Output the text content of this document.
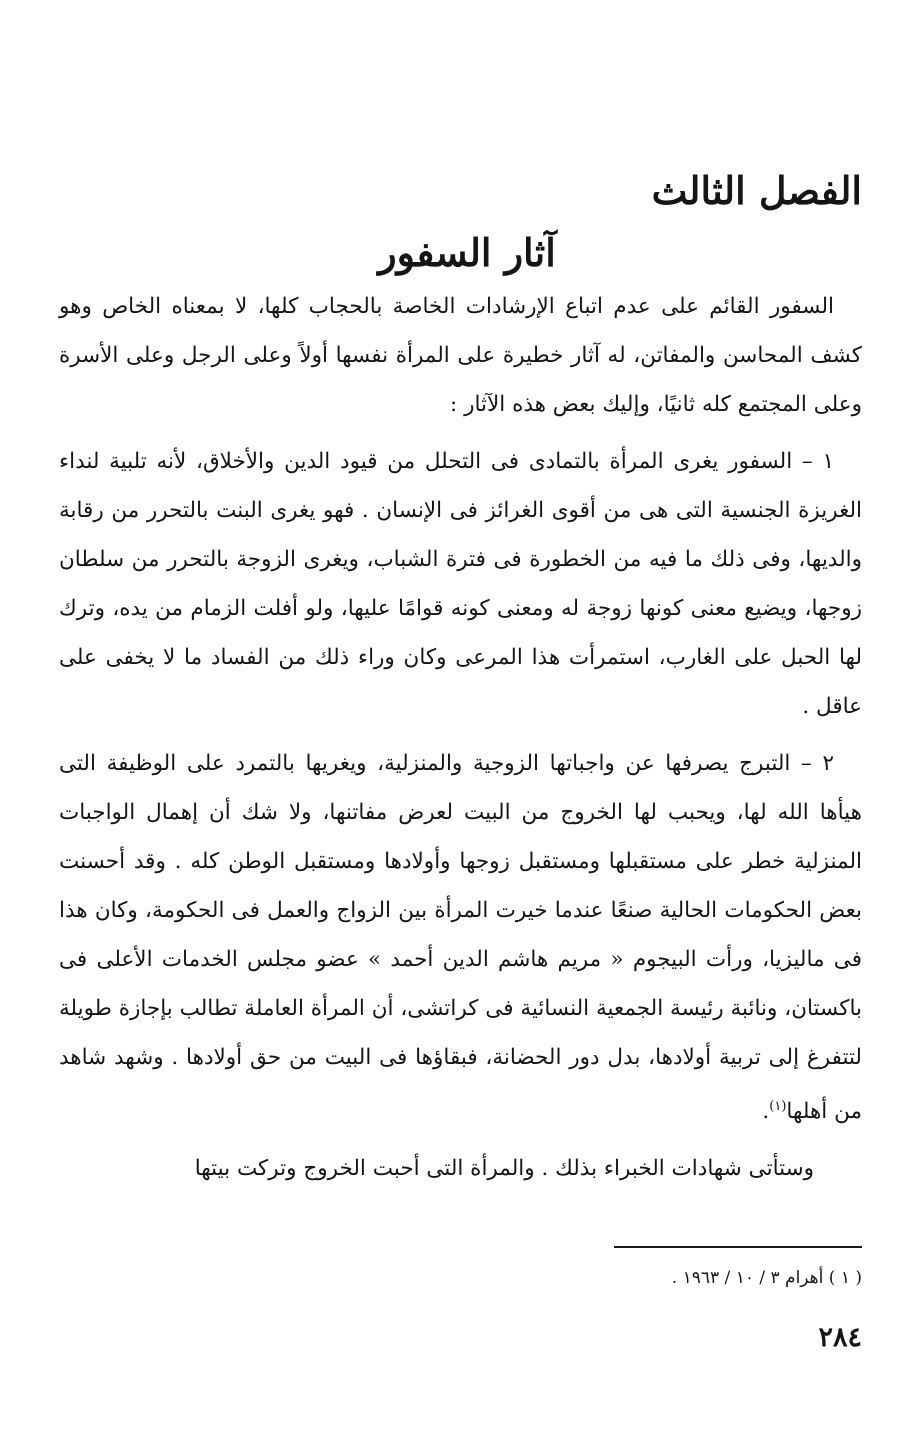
الفصل الثالث
آثار السفور

السفور القائم على عدم اتباع الإرشادات الخاصة بالحجاب كلها، لا بمعناه الخاص وهو كشف المحاسن والمفاتن، له آثار خطيرة على المرأة نفسها أولاً وعلى الرجل وعلى الأسرة وعلى المجتمع كله ثانيًا، وإليك بعض هذه الآثار :

١ – السفور يغرى المرأة بالتمادى فى التحلل من قيود الدين والأخلاق، لأنه تلبية لنداء الغريزة الجنسية التى هى من أقوى الغرائز فى الإنسان . فهو يغرى البنت بالتحرر من رقابة والديها، وفى ذلك ما فيه من الخطورة فى فترة الشباب، ويغرى الزوجة بالتحرر من سلطان زوجها، ويضيع معنى كونها زوجة له ومعنى كونه قوامًا عليها، ولو أفلت الزمام من يده، وترك لها الحبل على الغارب، استمرأت هذا المرعى وكان وراء ذلك من الفساد ما لا يخفى على عاقل .

٢ – التبرج يصرفها عن واجباتها الزوجية والمنزلية، ويغريها بالتمرد على الوظيفة التى هيأها الله لها، ويحبب لها الخروج من البيت لعرض مفاتنها، ولا شك أن إهمال الواجبات المنزلية خطر على مستقبلها ومستقبل زوجها وأولادها ومستقبل الوطن كله . وقد أحسنت بعض الحكومات الحالية صنعًا عندما خيرت المرأة بين الزواج والعمل فى الحكومة، وكان هذا فى ماليزيا، ورأت البيجوم « مريم هاشم الدين أحمد » عضو مجلس الخدمات الأعلى فى باكستان، ونائبة رئيسة الجمعية النسائية فى كراتشى، أن المرأة العاملة تطالب بإجازة طويلة لتتفرغ إلى تربية أولادها، بدل دور الحضانة، فبقاؤها فى البيت من حق أولادها . وشهد شاهد من أهلها$^{(١)}$.

وستأتى شهادات الخبراء بذلك . والمرأة التى أحبت الخروج وتركت بيتها

( ١ ) أهرام ٣ / ١٠ / ١٩٦٣ .

٢٨٤
